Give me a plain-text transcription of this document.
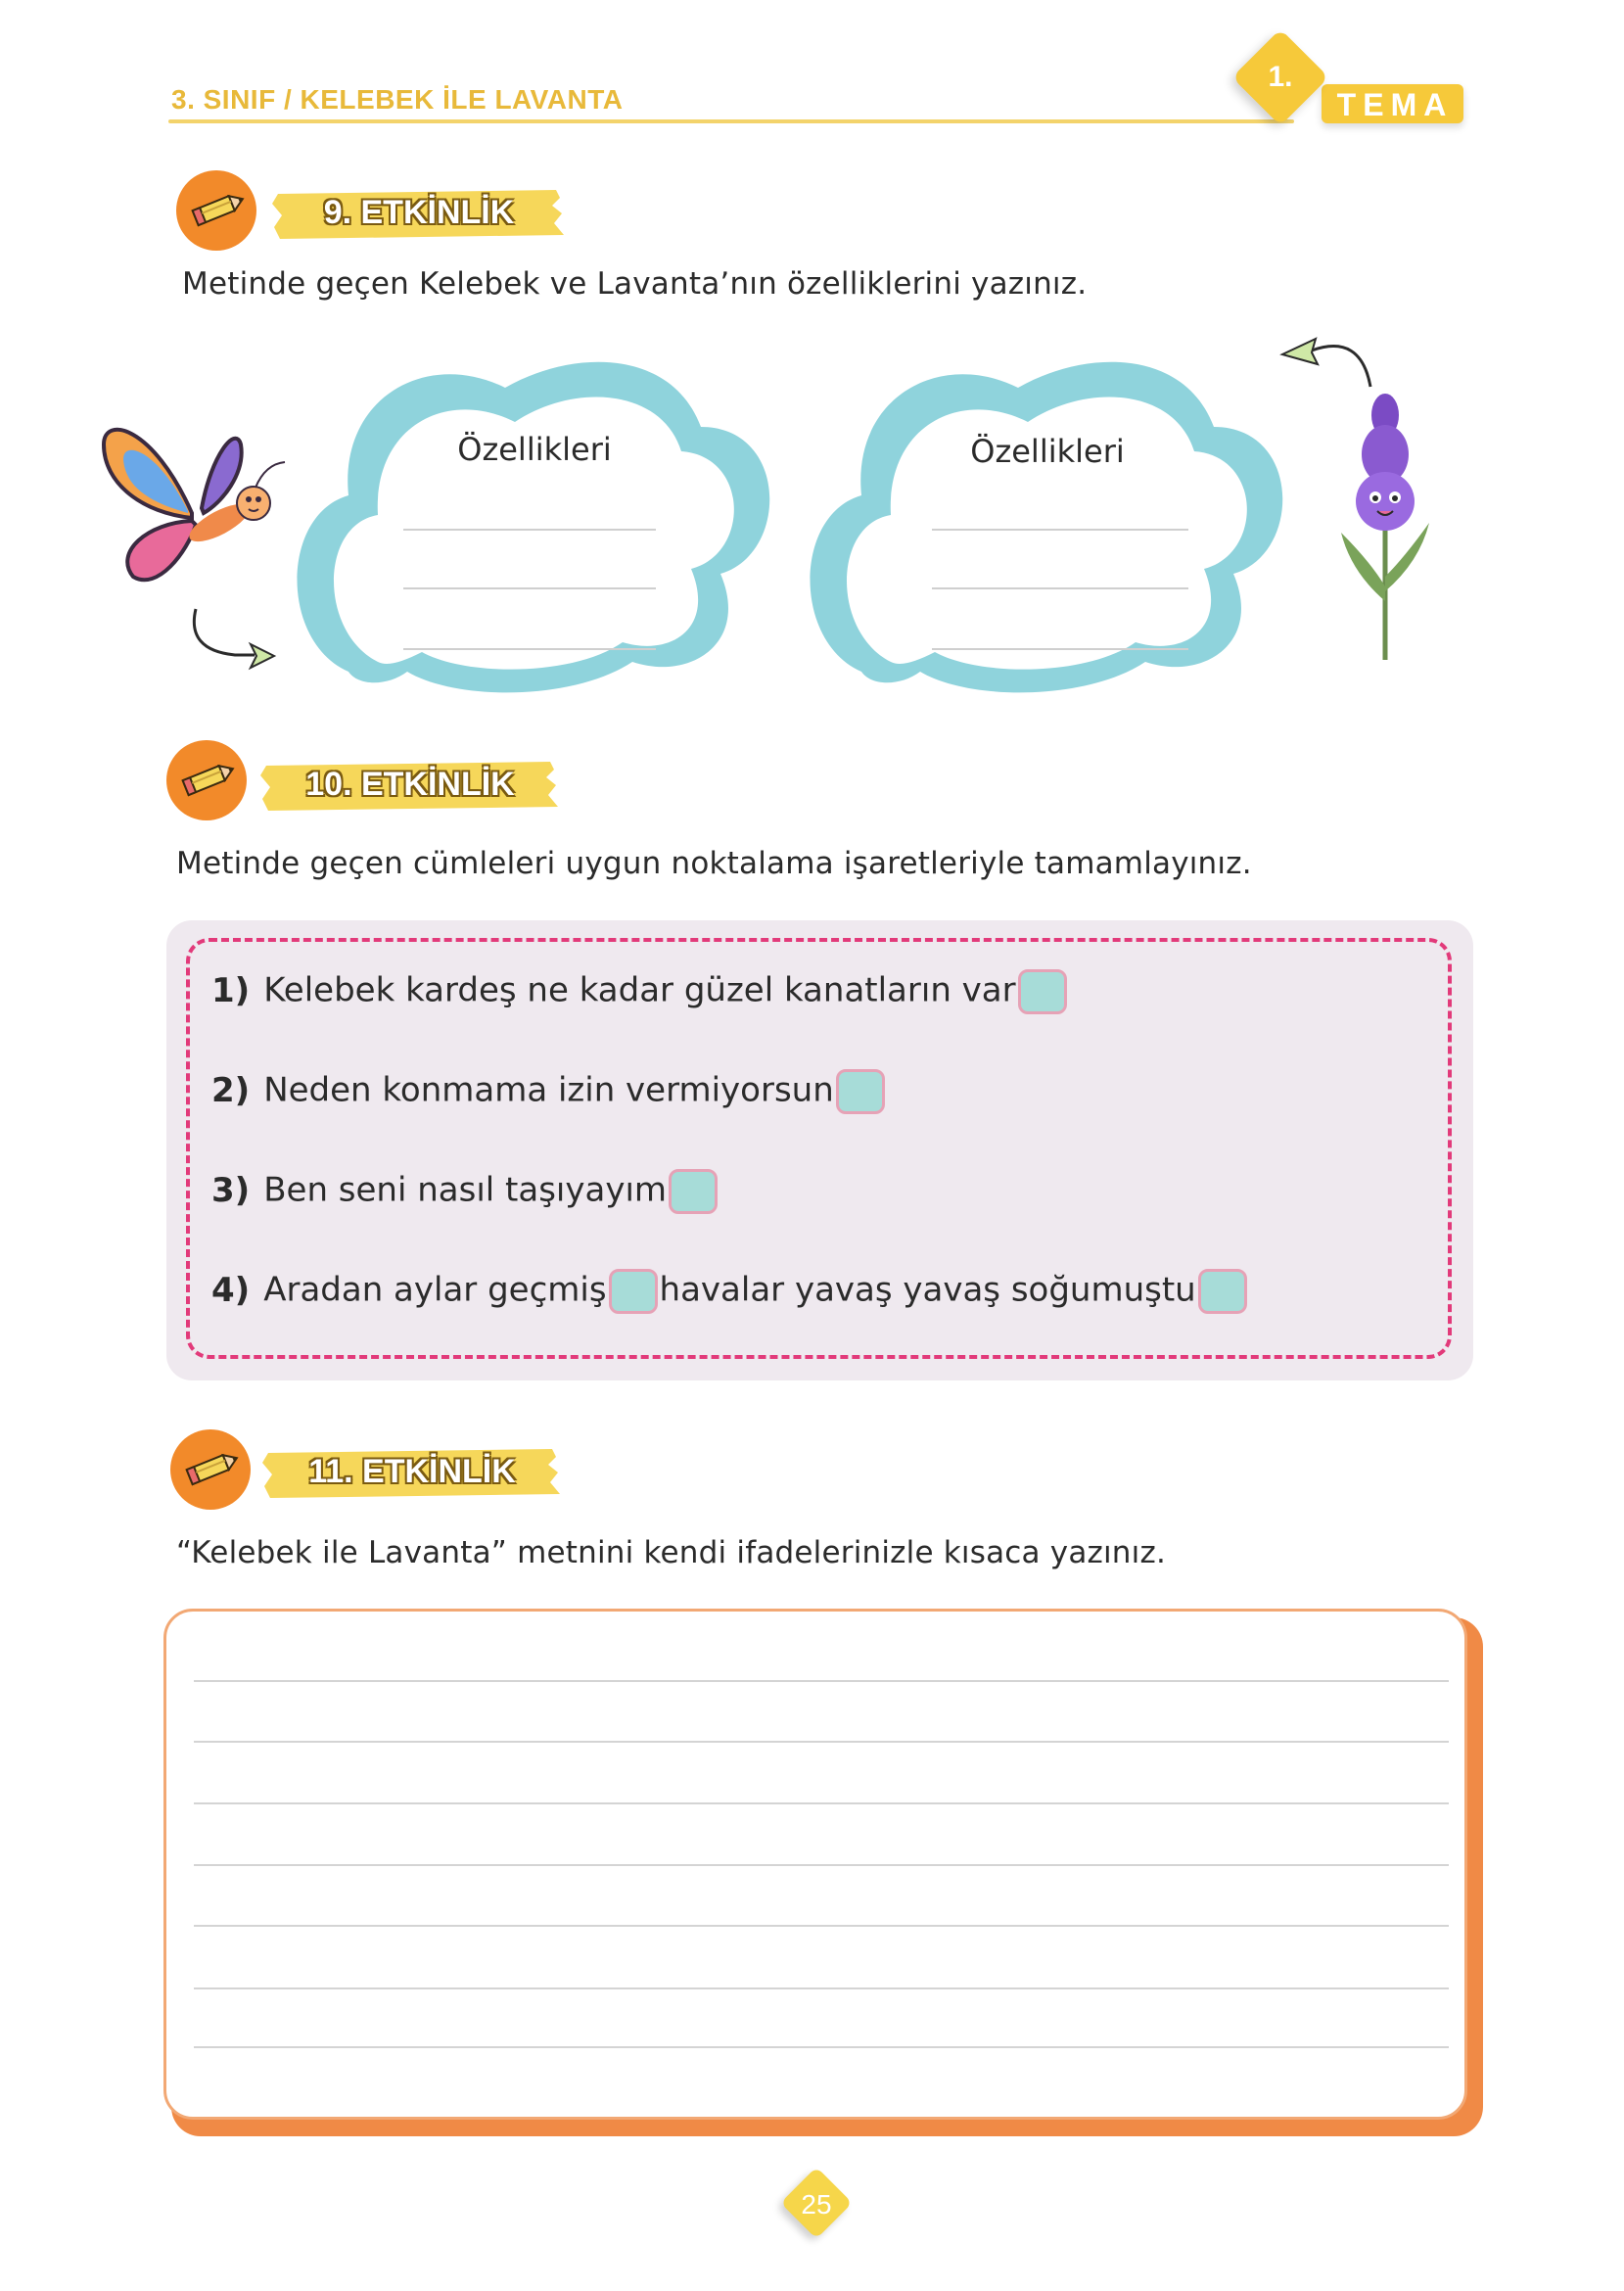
3. SINIF / KELEBEK İLE LAVANTA	TEMA
1.
9. ETKİNLİK
Metinde geçen Kelebek ve Lavanta’nın özelliklerini yazınız.
Özellikleri	Özellikleri
10. ETKİNLİK
Metinde geçen cümleleri uygun noktalama işaretleriyle tamamlayınız.
1) Kelebek kardeş ne kadar güzel kanatların var
2) Neden konmama izin vermiyorsun
3) Ben seni nasıl taşıyayım
4) Aradan aylar geçmiş havalar yavaş yavaş soğumuştu
11. ETKİNLİK
“Kelebek ile Lavanta” metnini kendi ifadelerinizle kısaca yazınız.
25
